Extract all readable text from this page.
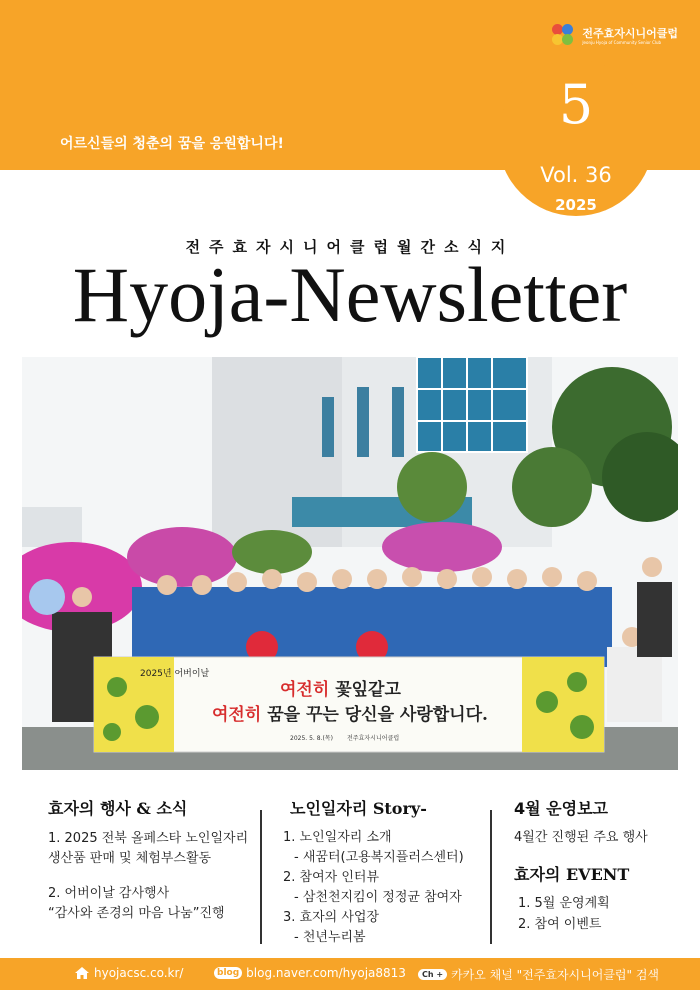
전주효자시니어클럽
Jeonju Hyoja of Community Senior Club
어르신들의 청춘의 꿈을 응원합니다!
5
Vol. 36
2025
전주효자시니어클럽월간소식지
Hyoja-Newsletter
2025년 어버이날
여전히 꽃잎같고
여전히 꿈을 꾸는 당신을 사랑합니다.
2025. 5. 8.(목) 전주효자시니어클럽
효자의 행사 & 소식
1. 2025 전북 올페스타 노인일자리
생산품 판매 및 체험부스활동
2. 어버이날 감사행사
“감사와 존경의 마음 나눔”진행
노인일자리 Story-
1. 노인일자리 소개
- 새꿈터(고용복지플러스센터)
2. 참여자 인터뷰
- 삼천천지킴이 정정균 참여자
3. 효자의 사업장
- 천년누리봄
4월 운영보고
4월간 진행된 주요 행사
효자의 EVENT
1. 5월 운영계획
2. 참여 이벤트
hyojacsc.co.kr/	blog blog.naver.com/hyoja8813	Ch + 카카오 채널 "전주효자시니어클럽" 검색
